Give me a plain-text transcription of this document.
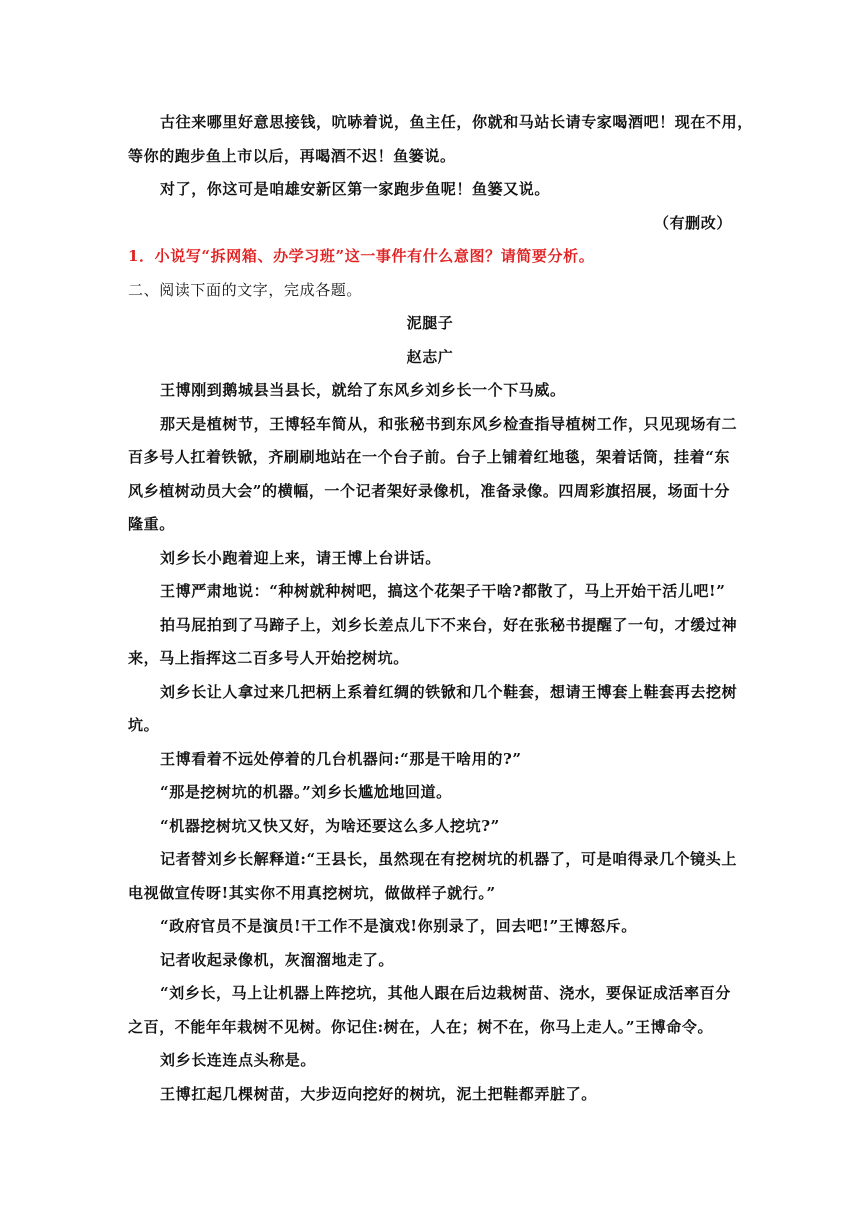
古往来哪里好意思接钱，吭哧着说，鱼主任，你就和马站长请专家喝酒吧！现在不用，
等你的跑步鱼上市以后，再喝酒不迟！鱼篓说。
对了，你这可是咱雄安新区第一家跑步鱼呢！鱼篓又说。
（有删改）
1．小说写“拆网箱、办学习班”这一事件有什么意图？请简要分析。
二、阅读下面的文字，完成各题。
泥腿子
赵志广
王博刚到鹅城县当县长，就给了东风乡刘乡长一个下马威。
那天是植树节，王博轻车简从，和张秘书到东风乡检查指导植树工作，只见现场有二
百多号人扛着铁锨，齐刷刷地站在一个台子前。台子上铺着红地毯，架着话筒，挂着“东
风乡植树动员大会”的横幅，一个记者架好录像机，准备录像。四周彩旗招展，场面十分
隆重。
刘乡长小跑着迎上来，请王博上台讲话。
王博严肃地说：“种树就种树吧，搞这个花架子干啥?都散了，马上开始干活儿吧!”
拍马屁拍到了马蹄子上，刘乡长差点儿下不来台，好在张秘书提醒了一句，才缓过神
来，马上指挥这二百多号人开始挖树坑。
刘乡长让人拿过来几把柄上系着红绸的铁锨和几个鞋套，想请王博套上鞋套再去挖树
坑。
王博看着不远处停着的几台机器问:“那是干啥用的?”
“那是挖树坑的机器。”刘乡长尴尬地回道。
“机器挖树坑又快又好，为啥还要这么多人挖坑?”
记者替刘乡长解释道:“王县长，虽然现在有挖树坑的机器了，可是咱得录几个镜头上
电视做宣传呀!其实你不用真挖树坑，做做样子就行。”
“政府官员不是演员!干工作不是演戏!你别录了，回去吧!”王博怒斥。
记者收起录像机，灰溜溜地走了。
“刘乡长，马上让机器上阵挖坑，其他人跟在后边栽树苗、浇水，要保证成活率百分
之百，不能年年栽树不见树。你记住:树在，人在；树不在，你马上走人。”王博命令。
刘乡长连连点头称是。
王博扛起几棵树苗，大步迈向挖好的树坑，泥土把鞋都弄脏了。
